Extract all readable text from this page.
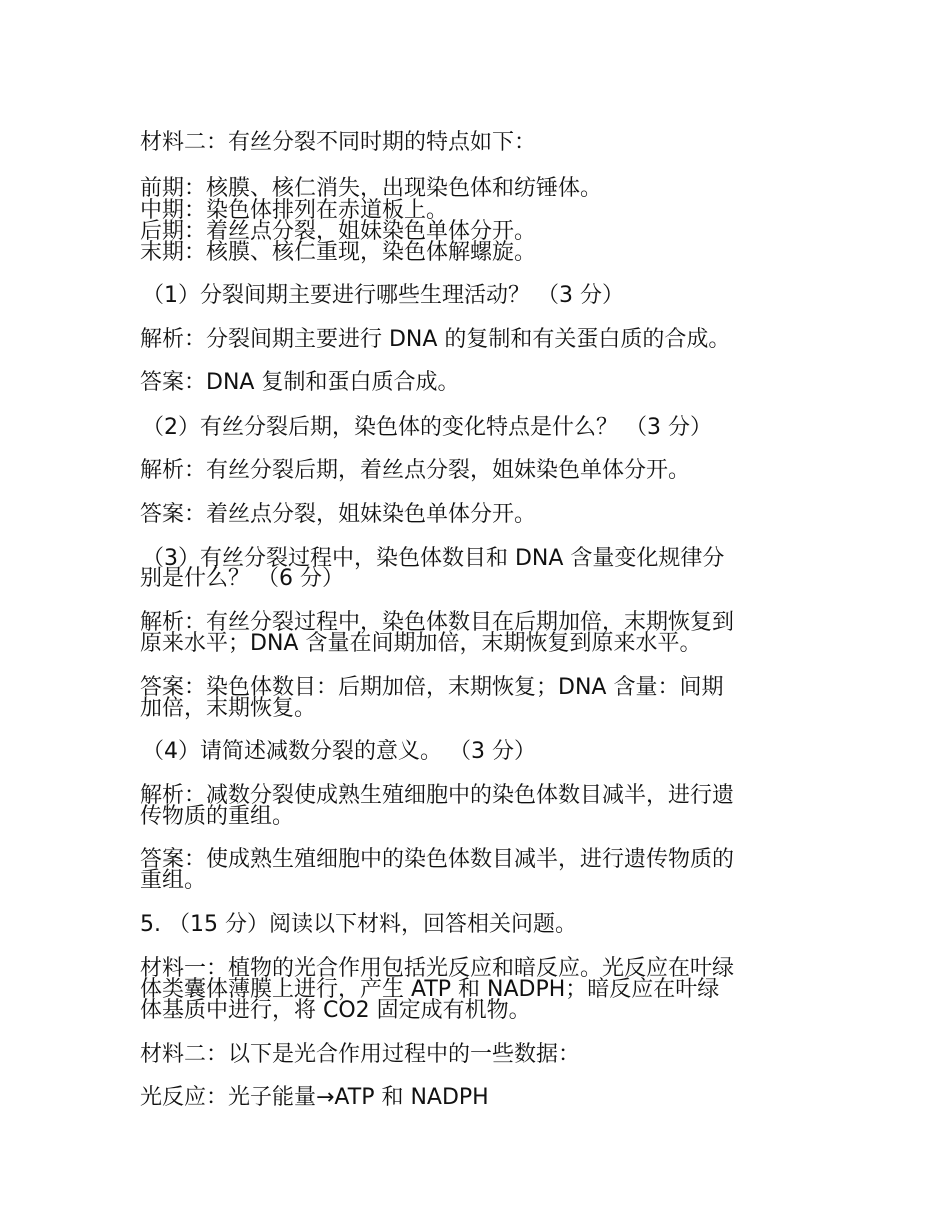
材料二：有丝分裂不同时期的特点如下：
前期：核膜、核仁消失，出现染色体和纺锤体。
中期：染色体排列在赤道板上。
后期：着丝点分裂，姐妹染色单体分开。
末期：核膜、核仁重现，染色体解螺旋。
（1）分裂间期主要进行哪些生理活动？ （3 分）
解析：分裂间期主要进行 DNA 的复制和有关蛋白质的合成。
答案：DNA 复制和蛋白质合成。
（2）有丝分裂后期，染色体的变化特点是什么？ （3 分）
解析：有丝分裂后期，着丝点分裂，姐妹染色单体分开。
答案：着丝点分裂，姐妹染色单体分开。
（3）有丝分裂过程中，染色体数目和 DNA 含量变化规律分
别是什么？ （6 分）
解析：有丝分裂过程中，染色体数目在后期加倍，末期恢复到
原来水平；DNA 含量在间期加倍，末期恢复到原来水平。
答案：染色体数目：后期加倍，末期恢复；DNA 含量：间期
加倍，末期恢复。
（4）请简述减数分裂的意义。 （3 分）
解析：减数分裂使成熟生殖细胞中的染色体数目减半，进行遗
传物质的重组。
答案：使成熟生殖细胞中的染色体数目减半，进行遗传物质的
重组。
5. （15 分）阅读以下材料，回答相关问题。
材料一：植物的光合作用包括光反应和暗反应。光反应在叶绿
体类囊体薄膜上进行，产生 ATP 和 NADPH；暗反应在叶绿
体基质中进行，将 CO2 固定成有机物。
材料二：以下是光合作用过程中的一些数据：
光反应：光子能量→ATP 和 NADPH
